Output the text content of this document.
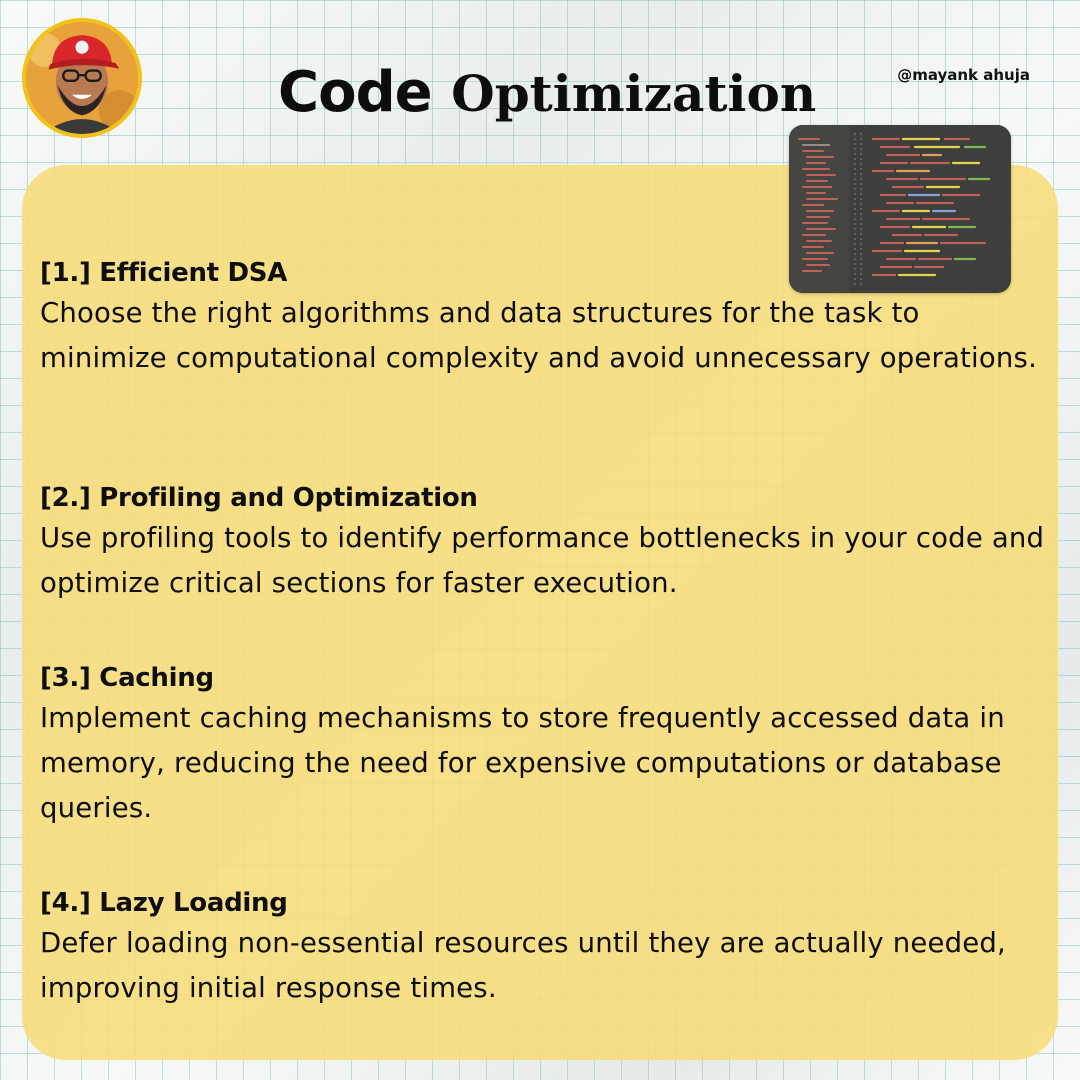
Code Optimization	@mayank ahuja
[1.] Efficient DSA

Choose the right algorithms and data structures for the task to minimize computational complexity and avoid unnecessary operations.

[2.] Profiling and Optimization

Use profiling tools to identify performance bottlenecks in your code and optimize critical sections for faster execution.

[3.] Caching

Implement caching mechanisms to store frequently accessed data in memory, reducing the need for expensive computations or database queries.

[4.] Lazy Loading

Defer loading non-essential resources until they are actually needed, improving initial response times.
